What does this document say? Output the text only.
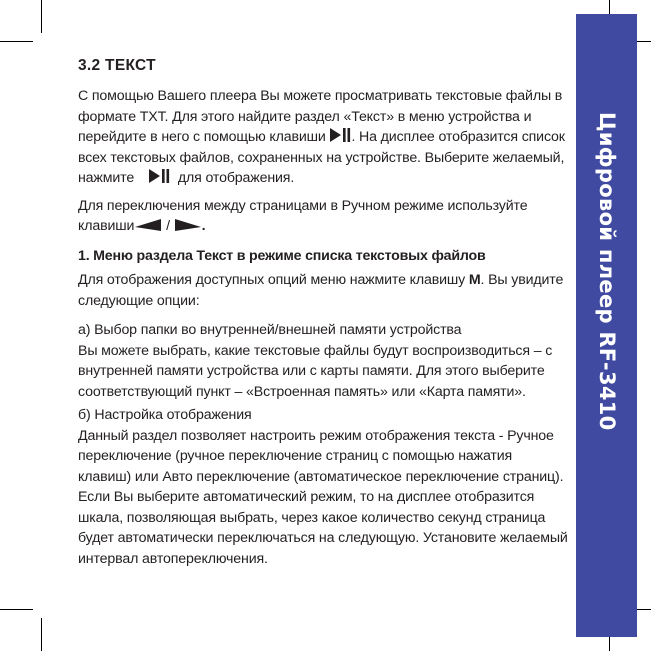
Цифровой плеер RF-3410

3.2 ТЕКСТ

С помощью Вашего плеера Вы можете просматривать текстовые файлы в формате TXT. Для этого найдите раздел «Текст» в меню устройства и перейдите в него с помощью клавиши . На дисплее отобразится список всех текстовых файлов, сохраненных на устройстве. Выберите желаемый, нажмите	для отображения.

Для переключения между страницами в Ручном режиме используйте клавиши / .

1. Меню раздела Текст в режиме списка текстовых файлов

Для отображения доступных опций меню нажмите клавишу M. Вы увидите следующие опции:

а) Выбор папки во внутренней/внешней памяти устройства

Вы можете выбрать, какие текстовые файлы будут воспроизводиться – с внутренней памяти устройства или с карты памяти. Для этого выберите соответствующий пункт – «Встроенная память» или «Карта памяти».

б) Настройка отображения

Данный раздел позволяет настроить режим отображения текста - Ручное переключение (ручное переключение страниц с помощью нажатия клавиш) или Авто переключение (автоматическое переключение страниц). Если Вы выберите автоматический режим, то на дисплее отобразится шкала, позволяющая выбрать, через какое количество секунд страница будет автоматически переключаться на следующую. Установите желаемый интервал автопереключения.
